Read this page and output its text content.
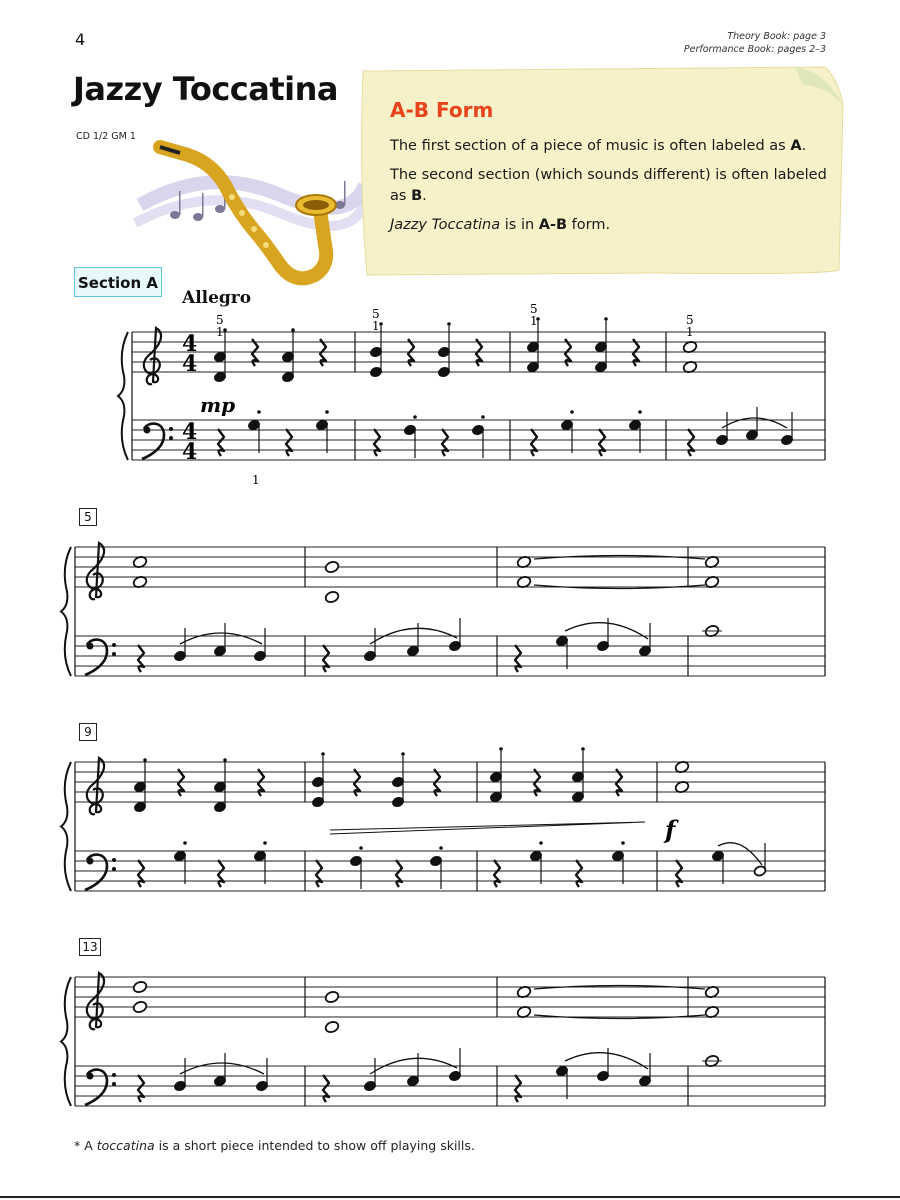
4	Theory Book: page 3
Performance Book: pages 2–3
Jazzy Toccatina
CD 1/2 GM 1
A-B Form

The first section of a piece of music is often labeled as A.

The second section (which sounds different) is often labeled as B.

Jazzy Toccatina is in A-B form.

Section A
Allegro
5
9
13
4
4
4
4
mp
f
5
1
5
1
5
1	5
1
1
* A toccatina is a short piece intended to show off playing skills.
